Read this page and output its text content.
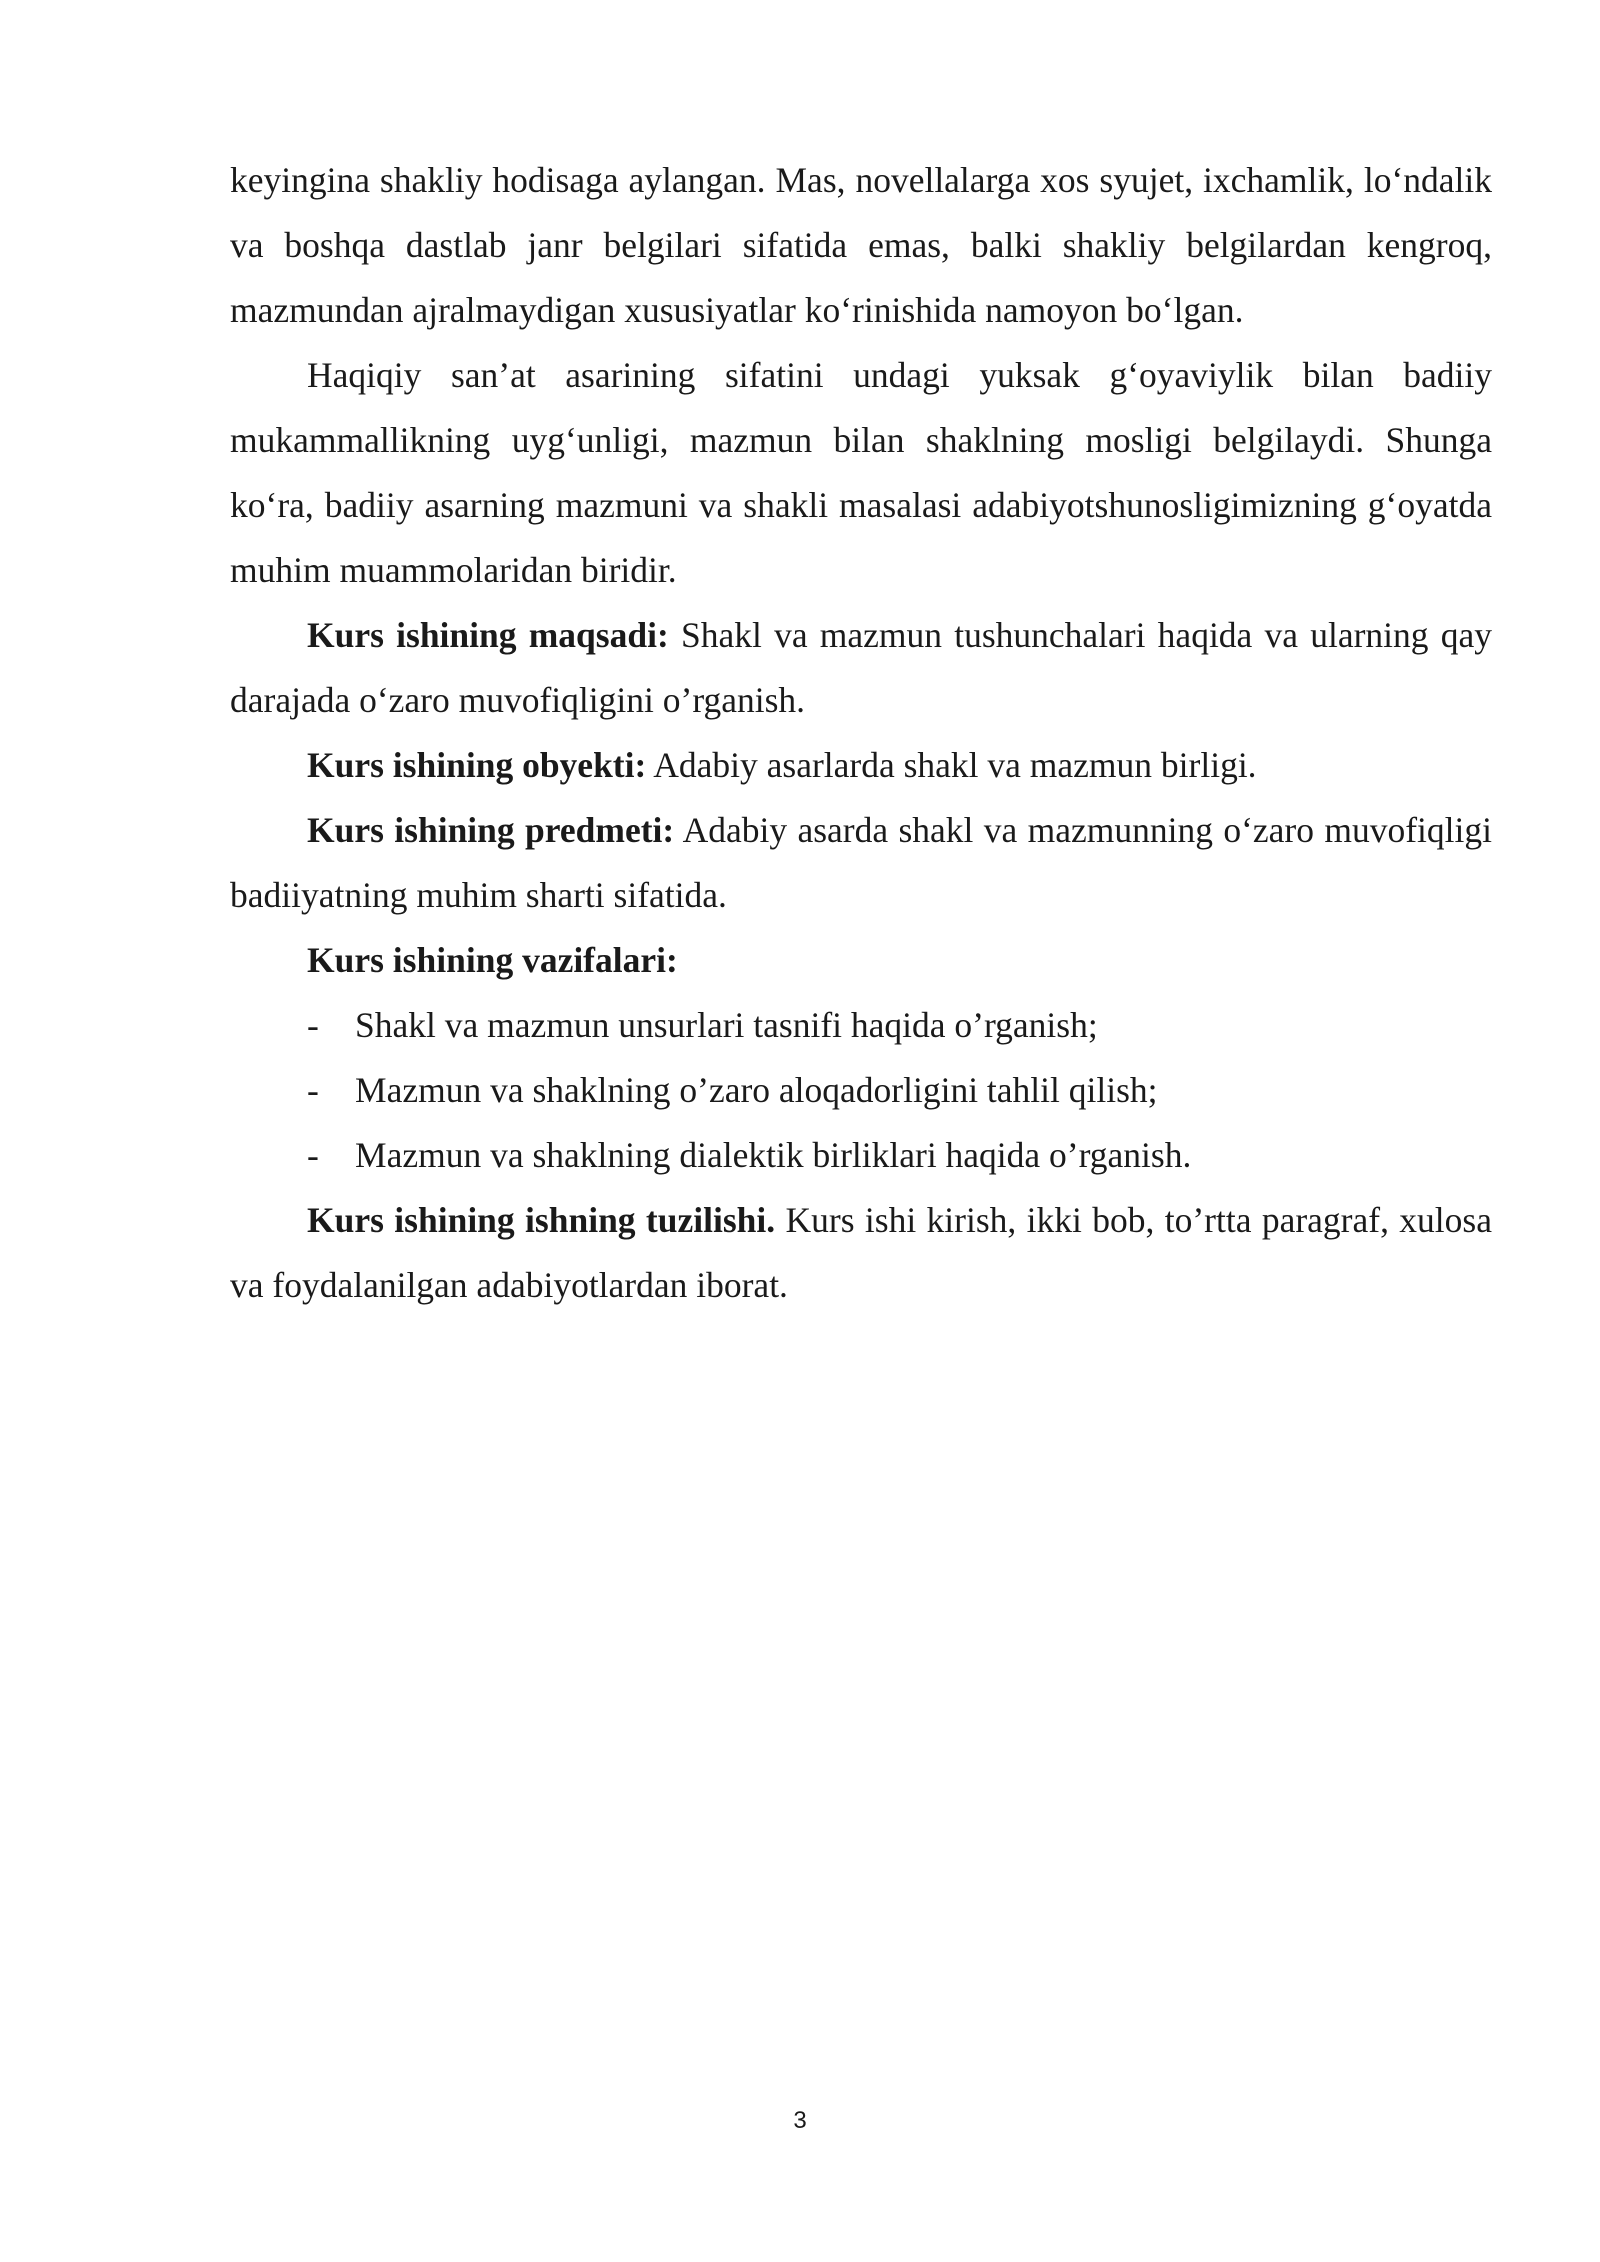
keyingina shakliy hodisaga aylangan. Mas, novellalarga xos syujet, ixchamlik, lo‘ndalik va boshqa dastlab janr belgilari sifatida emas, balki shakliy belgilardan kengroq, mazmundan ajralmaydigan xususiyatlar ko‘rinishida namoyon bo‘lgan.

Haqiqiy san’at asarining sifatini undagi yuksak g‘oyaviylik bilan badiiy mukammallikning uyg‘unligi, mazmun bilan shaklning mosligi belgilaydi. Shunga ko‘ra, badiiy asarning mazmuni va shakli masalasi adabiyotshunosligimizning g‘oyatda muhim muammolaridan biridir.

Kurs ishining maqsadi: Shakl va mazmun tushunchalari haqida va ularning qay darajada o‘zaro muvofiqligini o’rganish.

Kurs ishining obyekti: Adabiy asarlarda shakl va mazmun birligi.

Kurs ishining predmeti: Adabiy asarda shakl va mazmunning o‘zaro muvofiqligi badiiyatning muhim sharti sifatida.

Kurs ishining vazifalari:

- Shakl va mazmun unsurlari tasnifi haqida o’rganish;
- Mazmun va shaklning o’zaro aloqadorligini tahlil qilish;
- Mazmun va shaklning dialektik birliklari haqida o’rganish.

Kurs ishining ishning tuzilishi. Kurs ishi kirish, ikki bob, to’rtta paragraf, xulosa va foydalanilgan adabiyotlardan iborat.

3
